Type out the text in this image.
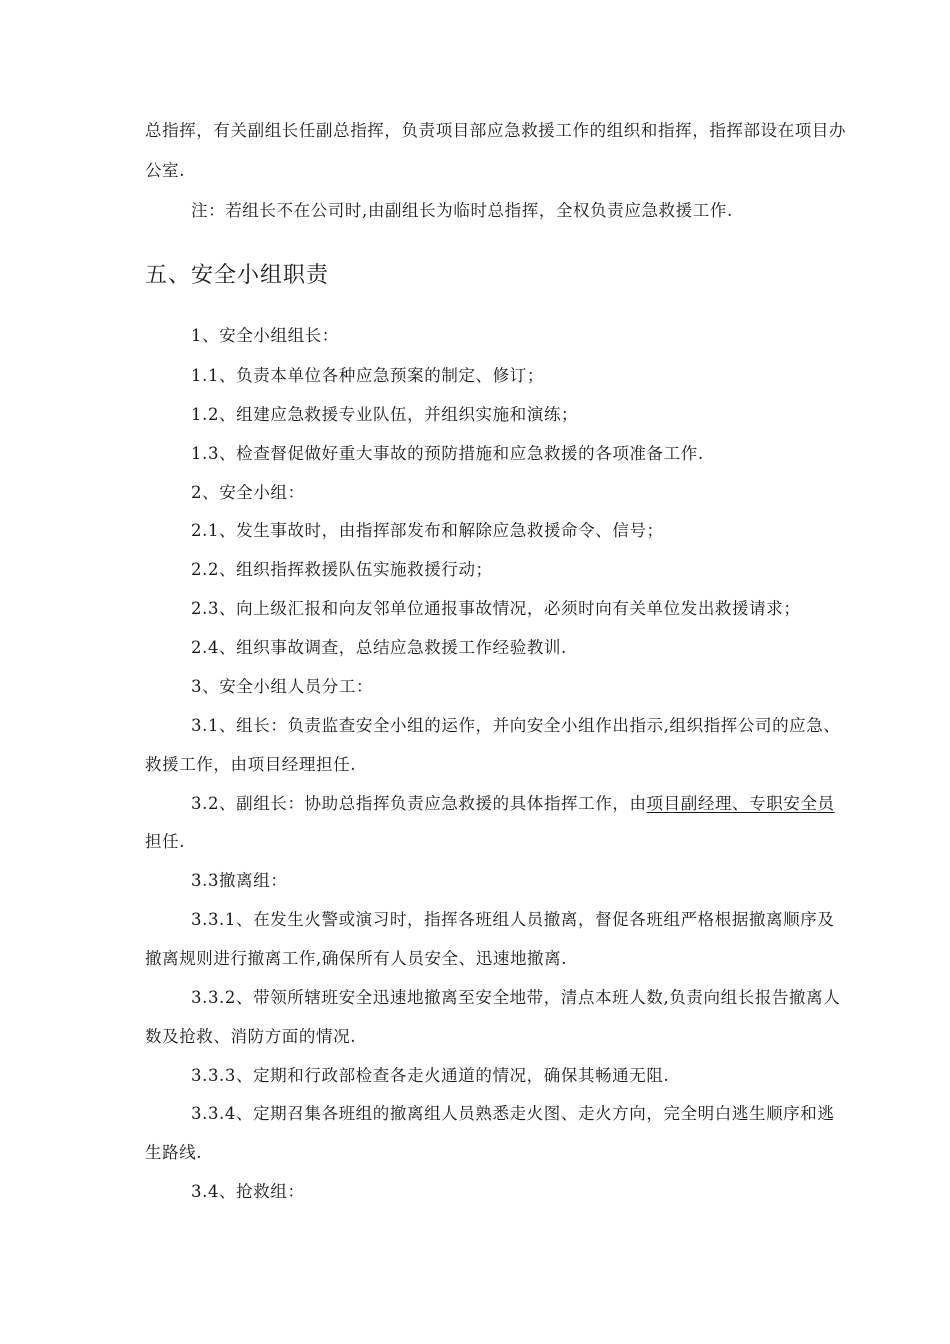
总指挥，有关副组长任副总指挥，负责项目部应急救援工作的组织和指挥，指挥部设在项目办
公室.
注：若组长不在公司时,由副组长为临时总指挥，全权负责应急救援工作.
五、安全小组职责
1、安全小组组长：
1.1、负责本单位各种应急预案的制定、修订；
1.2、组建应急救援专业队伍，并组织实施和演练；
1.3、检查督促做好重大事故的预防措施和应急救援的各项准备工作.
2、安全小组：
2.1、发生事故时，由指挥部发布和解除应急救援命令、信号；
2.2、组织指挥救援队伍实施救援行动；
2.3、向上级汇报和向友邻单位通报事故情况，必须时向有关单位发出救援请求；
2.4、组织事故调查，总结应急救援工作经验教训.
3、安全小组人员分工：
3.1、组长：负责监查安全小组的运作，并向安全小组作出指示,组织指挥公司的应急、
救援工作，由项目经理担任.
3.2、副组长：协助总指挥负责应急救援的具体指挥工作，由项目副经理、专职安全员
担任.
3.3撤离组：
3.3.1、在发生火警或演习时，指挥各班组人员撤离，督促各班组严格根据撤离顺序及
撤离规则进行撤离工作,确保所有人员安全、迅速地撤离.
3.3.2、带领所辖班安全迅速地撤离至安全地带，清点本班人数,负责向组长报告撤离人
数及抢救、消防方面的情况.
3.3.3、定期和行政部检查各走火通道的情况，确保其畅通无阻.
3.3.4、定期召集各班组的撤离组人员熟悉走火图、走火方向，完全明白逃生顺序和逃
生路线.
3.4、抢救组：
